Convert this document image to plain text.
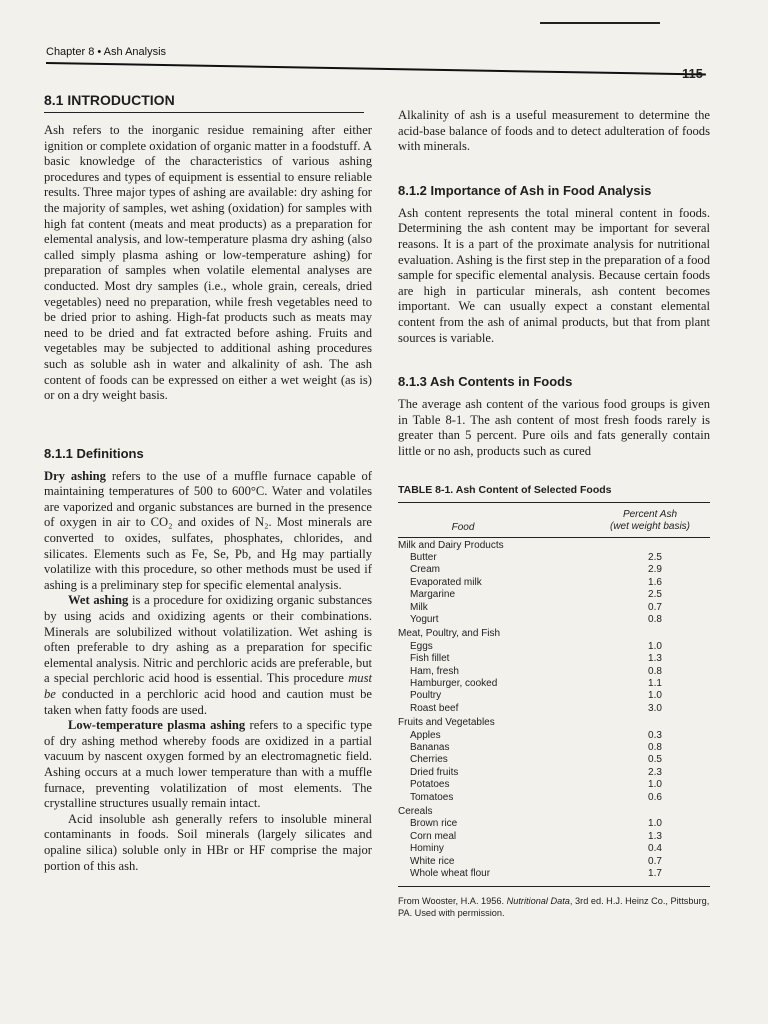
Chapter 8 • Ash Analysis
115
8.1 INTRODUCTION

Ash refers to the inorganic residue remaining after either ignition or complete oxidation of organic matter in a foodstuff. A basic knowledge of the characteristics of various ashing procedures and types of equipment is essential to ensure reliable results. Three major types of ashing are available: dry ashing for the majority of samples, wet ashing (oxidation) for samples with high fat content (meats and meat products) as a preparation for elemental analysis, and low-temperature plasma dry ashing (also called simply plasma ashing or low-temperature ashing) for preparation of samples when volatile elemental analyses are conducted. Most dry samples (i.e., whole grain, cereals, dried vegetables) need no preparation, while fresh vegetables need to be dried prior to ashing. High-fat products such as meats may need to be dried and fat extracted before ashing. Fruits and vegetables may be subjected to additional ashing procedures such as soluble ash in water and alkalinity of ash. The ash content of foods can be expressed on either a wet weight (as is) or on a dry weight basis.

8.1.1 Definitions

Dry ashing refers to the use of a muffle furnace capable of maintaining temperatures of 500 to 600°C. Water and volatiles are vaporized and organic substances are burned in the presence of oxygen in air to CO₂ and oxides of N₂. Most minerals are converted to oxides, sulfates, phosphates, chlorides, and silicates. Elements such as Fe, Se, Pb, and Hg may partially volatilize with this procedure, so other methods must be used if ashing is a preliminary step for specific elemental analysis.

Wet ashing is a procedure for oxidizing organic substances by using acids and oxidizing agents or their combinations. Minerals are solubilized without volatilization. Wet ashing is often preferable to dry ashing as a preparation for specific elemental analysis. Nitric and perchloric acids are preferable, but a special perchloric acid hood is essential. This procedure must be conducted in a perchloric acid hood and caution must be taken when fatty foods are used.

Low-temperature plasma ashing refers to a specific type of dry ashing method whereby foods are oxidized in a partial vacuum by nascent oxygen formed by an electromagnetic field. Ashing occurs at a much lower temperature than with a muffle furnace, preventing volatilization of most elements. The crystalline structures usually remain intact.

Acid insoluble ash generally refers to insoluble mineral contaminants in foods. Soil minerals (largely silicates and opaline silica) soluble only in HBr or HF comprise the major portion of this ash.

Alkalinity of ash is a useful measurement to determine the acid-base balance of foods and to detect adulteration of foods with minerals.

8.1.2 Importance of Ash in Food Analysis

Ash content represents the total mineral content in foods. Determining the ash content may be important for several reasons. It is a part of the proximate analysis for nutritional evaluation. Ashing is the first step in the preparation of a food sample for specific elemental analysis. Because certain foods are high in particular minerals, ash content becomes important. We can usually expect a constant elemental content from the ash of animal products, but that from plant sources is variable.

8.1.3 Ash Contents in Foods

The average ash content of the various food groups is given in Table 8-1. The ash content of most fresh foods rarely is greater than 5 percent. Pure oils and fats generally contain little or no ash, products such as cured

TABLE 8-1. Ash Content of Selected Foods
Food
Percent Ash
(wet weight basis)
Milk and Dairy Products
Butter	2.5
Cream	2.9
Evaporated milk	1.6
Margarine	2.5
Milk	0.7
Yogurt	0.8
Meat, Poultry, and Fish
Eggs	1.0
Fish fillet	1.3
Ham, fresh	0.8
Hamburger, cooked	1.1
Poultry	1.0
Roast beef	3.0
Fruits and Vegetables
Apples	0.3
Bananas	0.8
Cherries	0.5
Dried fruits	2.3
Potatoes	1.0
Tomatoes	0.6
Cereals
Brown rice	1.0
Corn meal	1.3
Hominy	0.4
White rice	0.7
Whole wheat flour	1.7
From Wooster, H.A. 1956. Nutritional Data, 3rd ed. H.J. Heinz Co., Pittsburg, PA. Used with permission.
